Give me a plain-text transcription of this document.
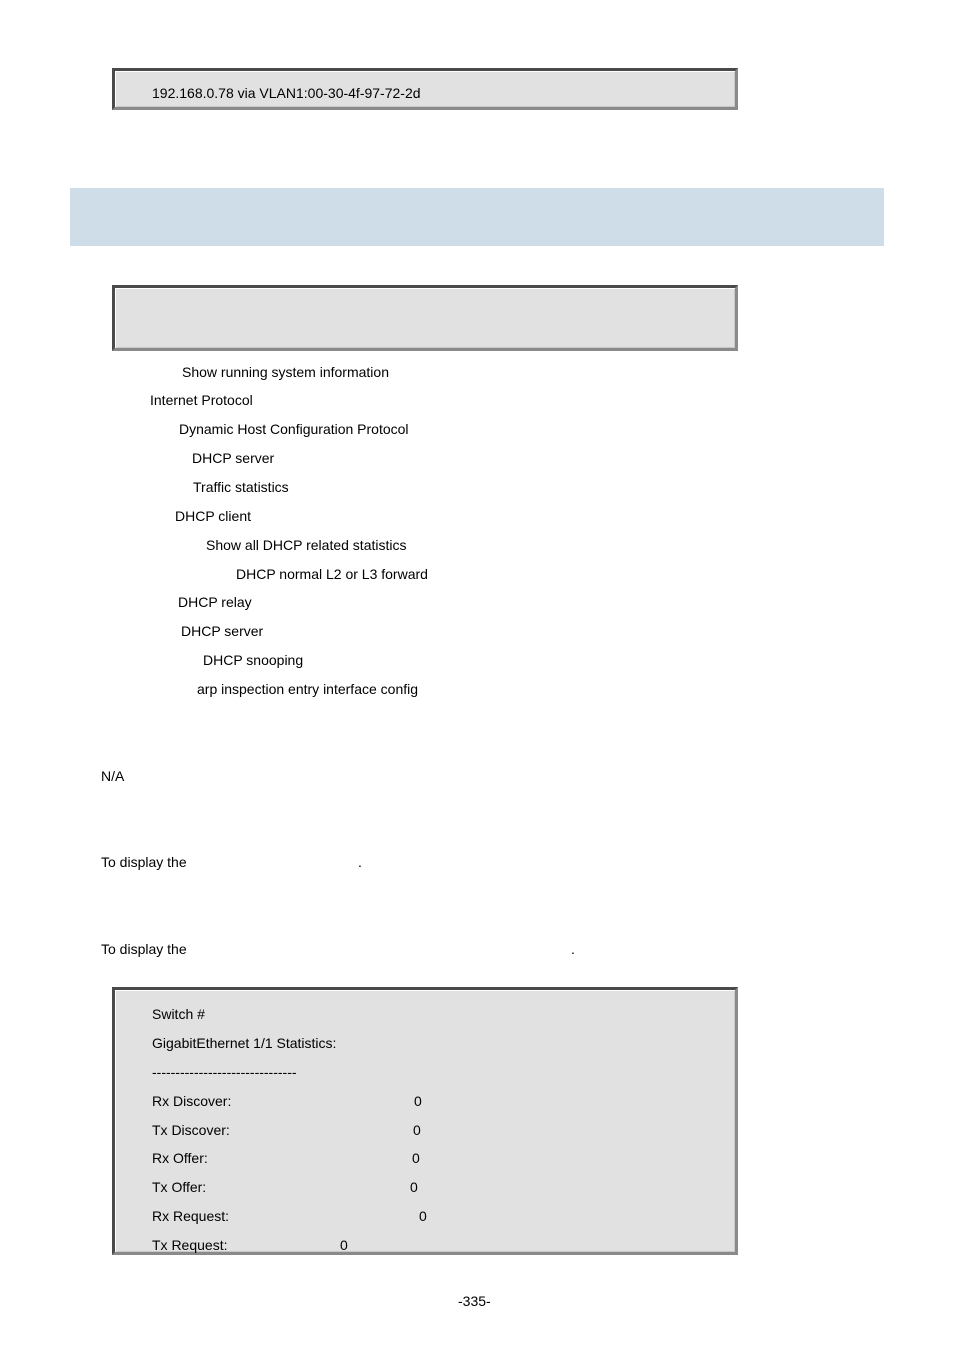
192.168.0.78 via VLAN1:00-30-4f-97-72-2d
Show running system information
Internet Protocol
Dynamic Host Configuration Protocol
DHCP server
Traffic statistics
DHCP client
Show all DHCP related statistics
DHCP normal L2 or L3 forward
DHCP relay
DHCP server
DHCP snooping
arp inspection entry interface config
N/A
To display the	.
To display the	.
Switch #
GigabitEthernet 1/1 Statistics:
-------------------------------
Rx Discover:	0
Tx Discover:	0
Rx Offer:	0
Tx Offer:	0
Rx Request:	0
Tx Request:	0
-335-
